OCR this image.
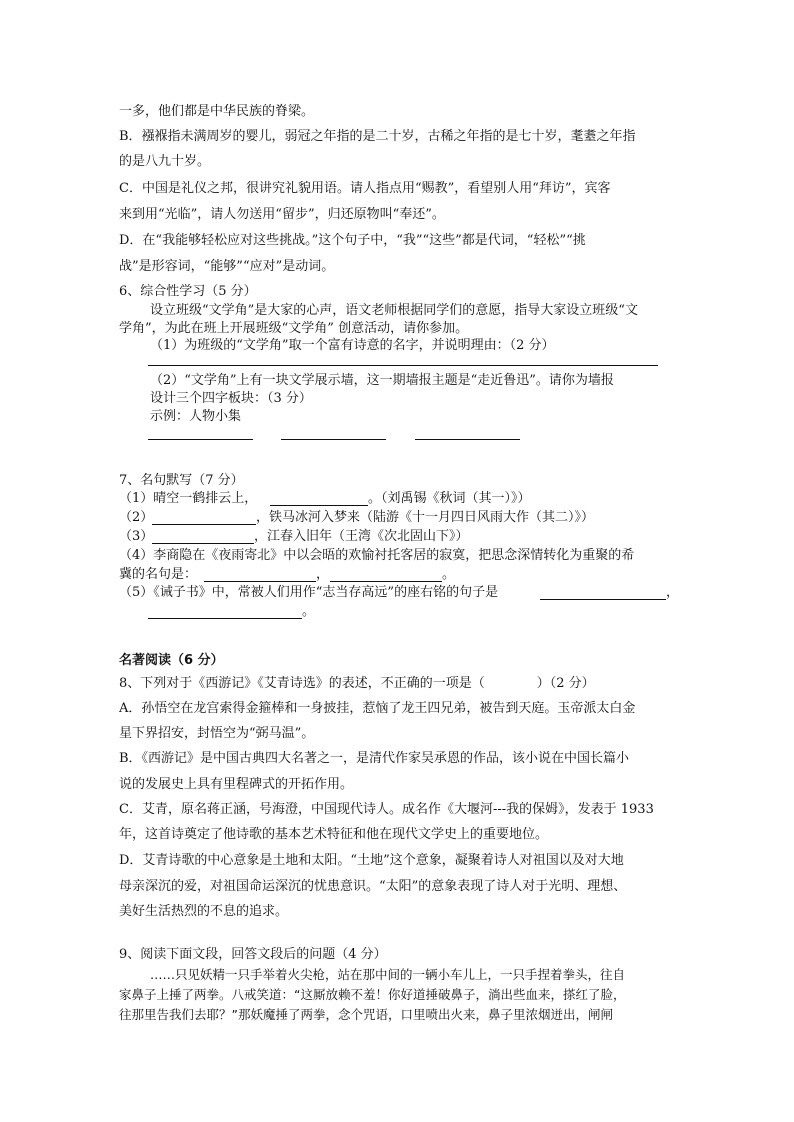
一多，他们都是中华民族的脊梁。
B．襁褓指未满周岁的婴儿，弱冠之年指的是二十岁，古稀之年指的是七十岁，耄耋之年指
的是八九十岁。
C．中国是礼仪之邦，很讲究礼貌用语。请人指点用“赐教”，看望别人用“拜访”，宾客
来到用“光临”，请人勿送用“留步”，归还原物叫“奉还”。
D．在“我能够轻松应对这些挑战。”这个句子中，“我”“这些”都是代词，“轻松”“挑
战”是形容词，“能够”“应对”是动词。
6、综合性学习（5 分）
设立班级“文学角”是大家的心声，语文老师根据同学们的意愿，指导大家设立班级“文
学角”，为此在班上开展班级“文学角” 创意活动，请你参加。
（1）为班级的“文学角”取一个富有诗意的名字，并说明理由：（2 分）
（2）“文学角”上有一块文学展示墙，这一期墙报主题是“走近鲁迅”。请你为墙报
设计三个四字板块：（3 分）
示例：人物小集
7、名句默写（7 分）
（1）晴空一鹤排云上，	。（刘禹锡《秋词（其一）》）
（2）	，铁马冰河入梦来（陆游《十一月四日风雨大作（其二）》）
（3）	，江春入旧年（王湾《次北固山下》）
（4）李商隐在《夜雨寄北》中以会晤的欢愉衬托客居的寂寞，把思念深情转化为重聚的希
冀的名句是：	，	。
（5）《诫子书》中，常被人们用作“志当存高远”的座右铭的句子是	，
。
名著阅读（6 分）
8、下列对于《西游记》《艾青诗选》的表述，不正确的一项是（　　　　）（2 分）
A．孙悟空在龙宫索得金箍棒和一身披挂，惹恼了龙王四兄弟，被告到天庭。玉帝派太白金
星下界招安，封悟空为“弼马温”。
B．《西游记》是中国古典四大名著之一，是清代作家吴承恩的作品，该小说在中国长篇小
说的发展史上具有里程碑式的开拓作用。
C．艾青，原名蒋正涵，号海澄，中国现代诗人。成名作《大堰河---我的保姆》，发表于 1933
年，这首诗奠定了他诗歌的基本艺术特征和他在现代文学史上的重要地位。
D．艾青诗歌的中心意象是土地和太阳。“土地”这个意象，凝聚着诗人对祖国以及对大地
母亲深沉的爱，对祖国命运深沉的忧患意识。“太阳”的意象表现了诗人对于光明、理想、
美好生活热烈的不息的追求。
9、阅读下面文段，回答文段后的问题（4 分）
……只见妖精一只手举着火尖枪，站在那中间的一辆小车儿上，一只手捏着拳头，往自
家鼻子上捶了两拳。八戒笑道：“这厮放赖不羞！你好道捶破鼻子，淌出些血来，搽红了脸，
往那里告我们去耶？”那妖魔捶了两拳，念个咒语，口里喷出火来，鼻子里浓烟迸出，闸闸
